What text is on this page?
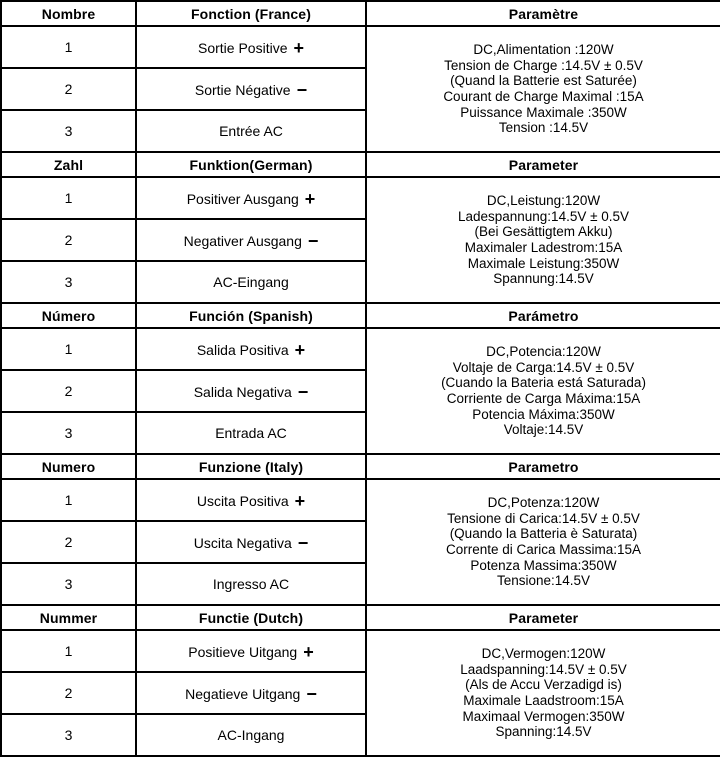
Nombre	Fonction (France)	Paramètre
1	Sortie Positive +	DC,Alimentation :120W
Tension de Charge :14.5V ± 0.5V
(Quand la Batterie est Saturée)
Courant de Charge Maximal :15A
Puissance Maximale :350W
Tension :14.5V

2	Sortie Négative −	
3	Entrée AC	
Zahl	Funktion(German)	Parameter
1	Positiver Ausgang +	DC,Leistung:120W
Ladespannung:14.5V ± 0.5V
(Bei Gesättigtem Akku)
Maximaler Ladestrom:15A
Maximale Leistung:350W
Spannung:14.5V

2	Negativer Ausgang −	
3	AC-Eingang	
Número	Función (Spanish)	Parámetro
1	Salida Positiva +	DC,Potencia:120W
Voltaje de Carga:14.5V ± 0.5V
(Cuando la Bateria está Saturada)
Corriente de Carga Máxima:15A
Potencia Máxima:350W
Voltaje:14.5V

2	Salida Negativa −	
3	Entrada AC	
Numero	Funzione (Italy)	Parametro
1	Uscita Positiva +	DC,Potenza:120W
Tensione di Carica:14.5V ± 0.5V
(Quando la Batteria è Saturata)
Corrente di Carica Massima:15A
Potenza Massima:350W
Tensione:14.5V

2	Uscita Negativa −	
3	Ingresso AC	
Nummer	Functie (Dutch)	Parameter
1	Positieve Uitgang +	DC,Vermogen:120W
Laadspanning:14.5V ± 0.5V
(Als de Accu Verzadigd is)
Maximale Laadstroom:15A
Maximaal Vermogen:350W
Spanning:14.5V

2	Negatieve Uitgang −	
3	AC-Ingang	
